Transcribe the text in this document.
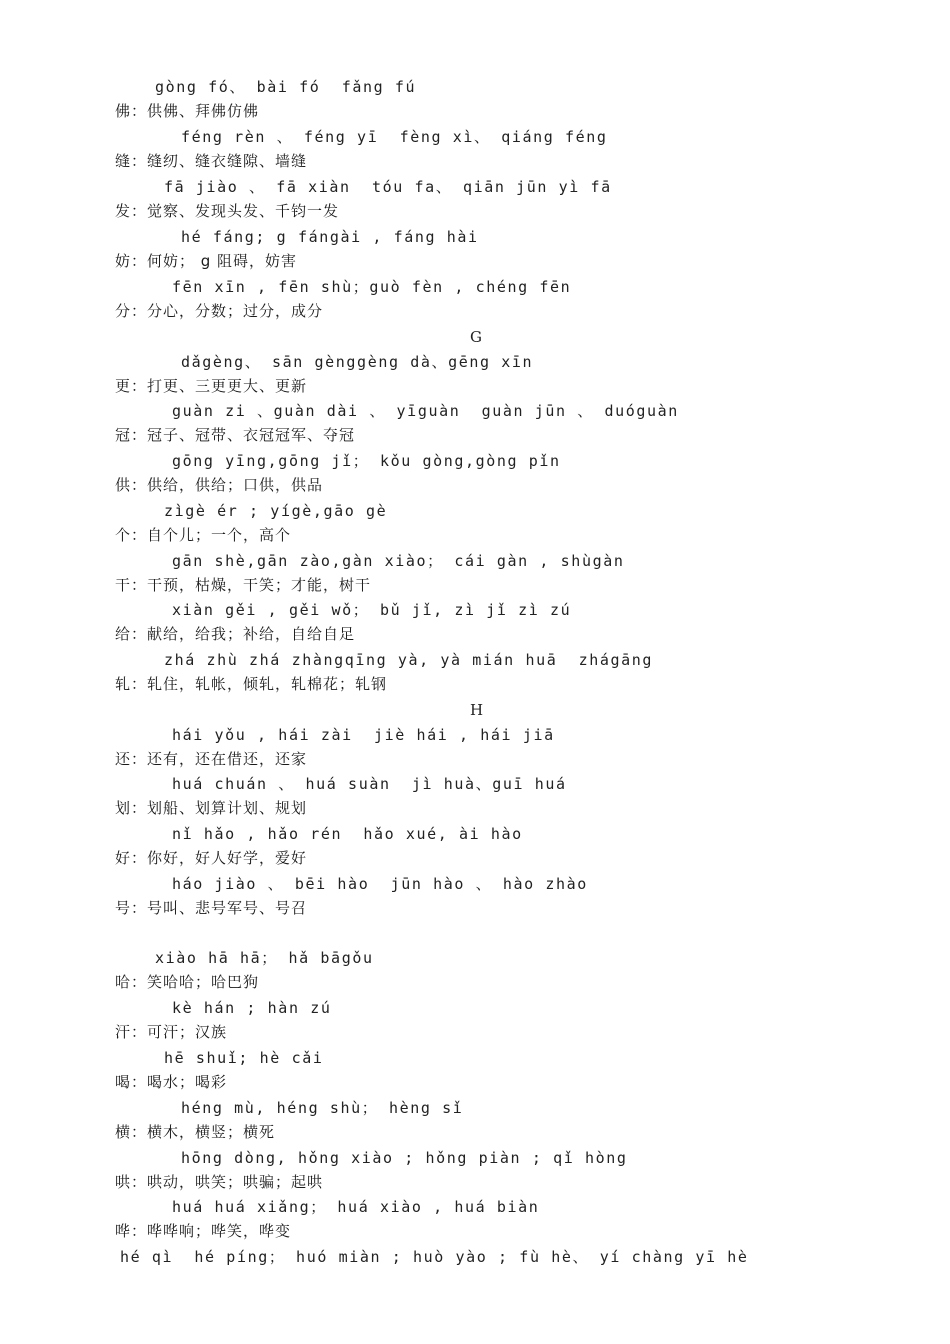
gòng fó、 bài fó  fǎng fú
佛：供佛、拜佛仿佛
féng rèn 、 féng yī  fèng xì、 qiáng féng
缝：缝纫、缝衣缝隙、墙缝
fā jiào 、 fā xiàn  tóu fa、 qiān jūn yì fā
发：觉察、发现头发、千钧一发
hé fáng; g fángài , fáng hài
妨：何妨； g 阻碍，妨害
fēn xīn , fēn shù；guò fèn , chéng fēn
分：分心，分数；过分，成分
G
dǎgèng、 sān gènggèng dà、gēng xīn
更：打更、三更更大、更新
guàn zi 、guàn dài 、 yīguàn  guàn jūn 、 duóguàn
冠：冠子、冠带、衣冠冠军、夺冠
gōng yīng,gōng jǐ； kǒu gòng,gòng pǐn
供：供给，供给；口供，供品
zìgè ér ; yígè,gāo gè
个：自个儿；一个，高个
gān shè,gān zào,gàn xiào； cái gàn , shùgàn
干：干预，枯燥，干笑；才能，树干
xiàn gěi , gěi wǒ； bǔ jǐ, zì jǐ zì zú
给：献给，给我；补给，自给自足
zhá zhù zhá zhàngqīng yà, yà mián huā  zhágāng
轧：轧住，轧帐，倾轧，轧棉花；轧钢
H
hái yǒu , hái zài  jiè hái , hái jiā
还：还有，还在借还，还家
huá chuán 、 huá suàn  jì huà、guī huá
划：划船、划算计划、规划
nǐ hǎo , hǎo rén  hǎo xué, ài hào
好：你好，好人好学，爱好
háo jiào 、 bēi hào  jūn hào 、 hào zhào
号：号叫、悲号军号、号召
xiào hā hā； hǎ bāgǒu
哈：笑哈哈；哈巴狗
kè hán ; hàn zú
汗：可汗；汉族
hē shuǐ; hè cǎi
喝：喝水；喝彩
héng mù, héng shù； hèng sǐ
横：横木，横竖；横死
hōng dòng, hǒng xiào ; hǒng piàn ; qǐ hòng
哄：哄动，哄笑；哄骗；起哄
huá huá xiǎng； huá xiào , huá biàn
哗：哗哗响；哗笑，哗变
hé qì  hé píng； huó miàn ; huò yào ; fù hè、 yí chàng yī hè
